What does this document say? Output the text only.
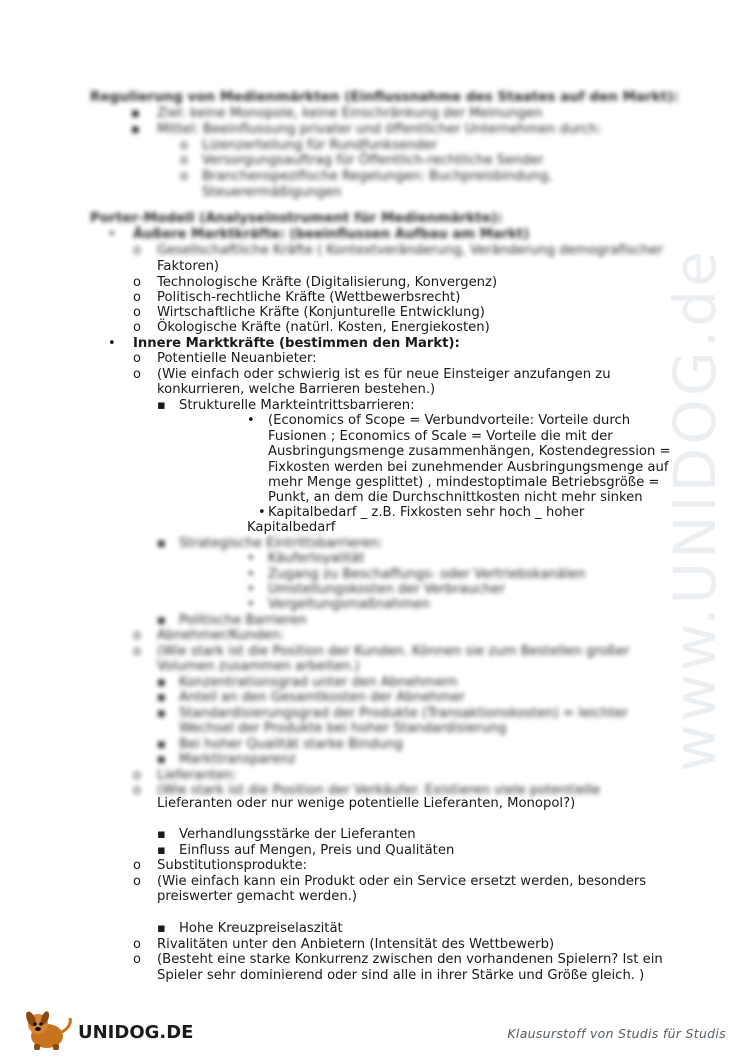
www.UNIDOG.de
Regulierung von Medienmärkten (Einflussnahme des Staates auf den Markt):
▪ Ziel: keine Monopole, keine Einschränkung der Meinungen
▪ Mittel: Beeinflussung privater und öffentlicher Unternehmen durch:
o Lizenzerteilung für Rundfunksender
o Versorgungsauftrag für Öffentlich-rechtliche Sender
o Branchenspezifische Regelungen: Buchpreisbindung,
Steuerermäßigungen
Porter-Modell (Analyseinstrument für Medienmärkte):
• Äußere Marktkräfte: (beeinflussen Aufbau am Markt)
o Gesellschaftliche Kräfte ( Kontextveränderung, Veränderung demografischer
Faktoren)
o Technologische Kräfte (Digitalisierung, Konvergenz)
o Politisch-rechtliche Kräfte (Wettbewerbsrecht)
o Wirtschaftliche Kräfte (Konjunturelle Entwicklung)
o Ökologische Kräfte (natürl. Kosten, Energiekosten)
• Innere Marktkräfte (bestimmen den Markt):
o Potentielle Neuanbieter:
o (Wie einfach oder schwierig ist es für neue Einsteiger anzufangen zu
konkurrieren, welche Barrieren bestehen.)
▪ Strukturelle Markteintrittsbarrieren:
• (Economics of Scope = Verbundvorteile: Vorteile durch
Fusionen ; Economics of Scale = Vorteile die mit der
Ausbringungsmenge zusammenhängen, Kostendegression =
Fixkosten werden bei zunehmender Ausbringungsmenge auf
mehr Menge gesplittet) , mindestoptimale Betriebsgröße =
Punkt, an dem die Durchschnittkosten nicht mehr sinken
• Kapitalbedarf _ z.B. Fixkosten sehr hoch _ hoher
Kapitalbedarf
▪ Strategische Eintrittsbarrieren:
• Käuferloyalität
• Zugang zu Beschaffungs- oder Vertriebskanälen
• Umstellungskosten der Verbraucher
• Vergeltungsmaßnahmen
▪ Politische Barrieren
o Abnehmer/Kunden:
o (Wie stark ist die Position der Kunden. Können sie zum Bestellen großer
Volumen zusammen arbeiten.)
▪ Konzentrationsgrad unter den Abnehmern
▪ Anteil an den Gesamtkosten der Abnehmer
▪ Standardisierungsgrad der Produkte (Transaktionskosten) = leichter
Wechsel der Produkte bei hoher Standardisierung
▪ Bei hoher Qualität starke Bindung
▪ Markttransparenz
o Lieferanten:
o (Wie stark ist die Position der Verkäufer. Existieren viele potentielle
Lieferanten oder nur wenige potentielle Lieferanten, Monopol?)
▪ Verhandlungsstärke der Lieferanten
▪ Einfluss auf Mengen, Preis und Qualitäten
o Substitutionsprodukte:
o (Wie einfach kann ein Produkt oder ein Service ersetzt werden, besonders
preiswerter gemacht werden.)
▪ Hohe Kreuzpreiselaszität
o Rivalitäten unter den Anbietern (Intensität des Wettbewerb)
o (Besteht eine starke Konkurrenz zwischen den vorhandenen Spielern? Ist ein
Spieler sehr dominierend oder sind alle in ihrer Stärke und Größe gleich. )
UNIDOG.DE	Klausurstoff von Studis für Studis
